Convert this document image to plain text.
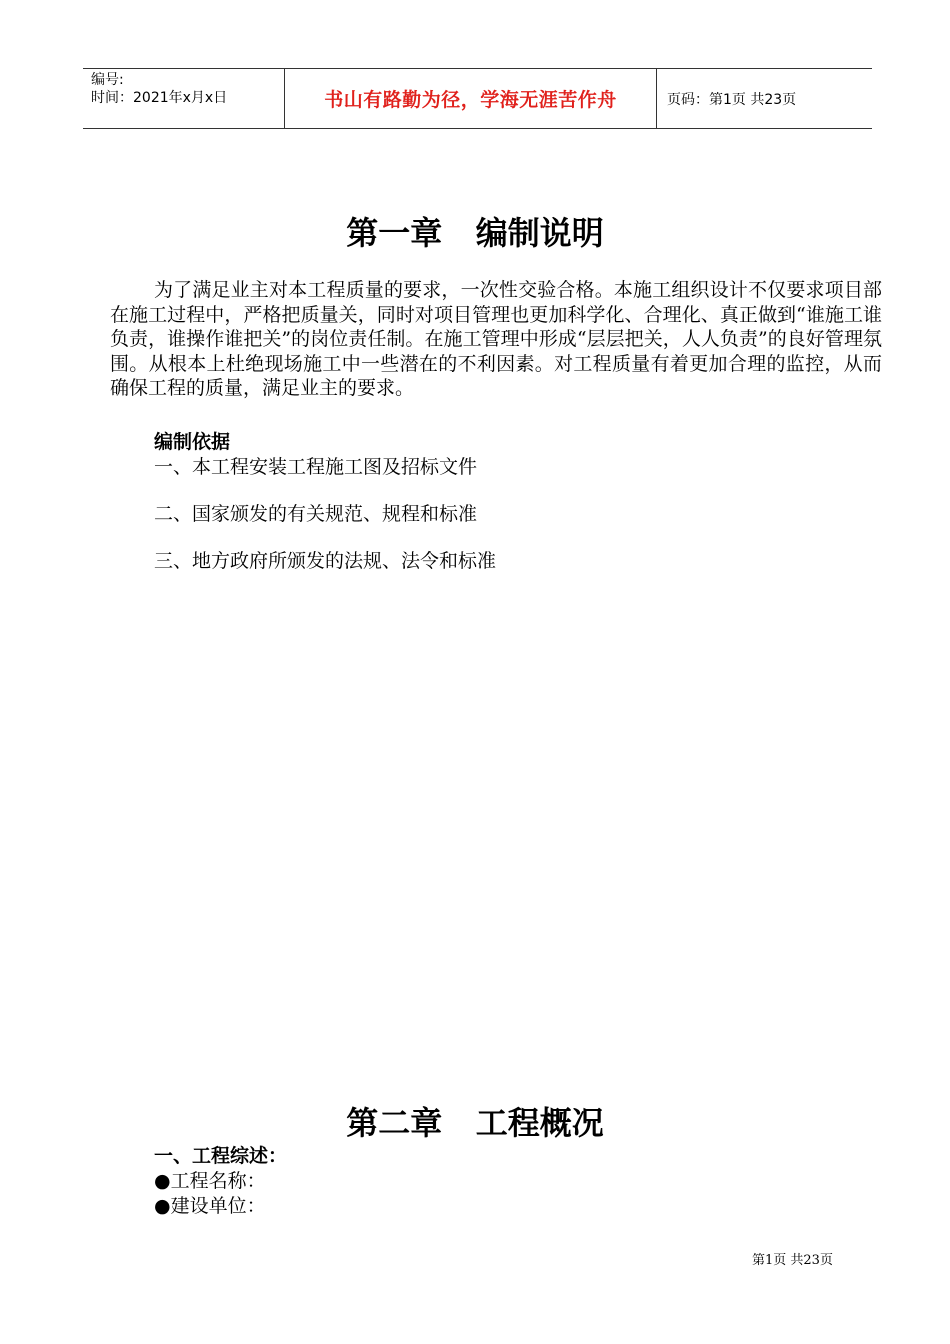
编号:
时间：2021年x月x日	书山有路勤为径，学海无涯苦作舟	页码：第1页 共23页
第一章   编制说明
为了满足业主对本工程质量的要求，一次性交验合格。本施工组织设计不仅要求项目部在施工过程中，严格把质量关，同时对项目管理也更加科学化、合理化、真正做到“谁施工谁负责，谁操作谁把关”的岗位责任制。在施工管理中形成“层层把关，人人负责”的良好管理氛围。从根本上杜绝现场施工中一些潜在的不利因素。对工程质量有着更加合理的监控，从而确保工程的质量，满足业主的要求。
编制依据
一、本工程安装工程施工图及招标文件
二、国家颁发的有关规范、规程和标准
三、地方政府所颁发的法规、法令和标准
第二章   工程概况
一、工程综述：
●工程名称：
●建设单位：
第1页 共23页
